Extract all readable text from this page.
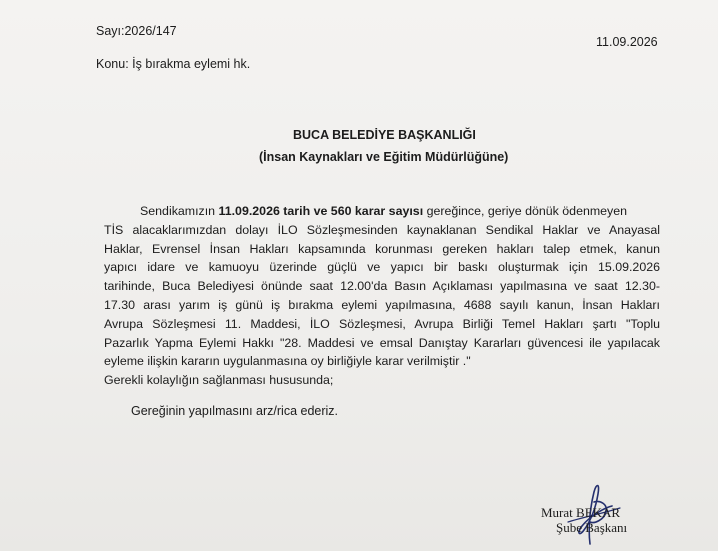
Sayı:2026/147
11.09.2026
Konu: İş bırakma eylemi hk.
BUCA BELEDİYE BAŞKANLIĞI
(İnsan Kaynakları ve Eğitim Müdürlüğüne)
Sendikamızın 11.09.2026 tarih ve 560 karar sayısı gereğince, geriye dönük ödenmeyen
TİS alacaklarımızdan dolayı İLO Sözleşmesinden kaynaklanan Sendikal Haklar ve Anayasal
Haklar, Evrensel İnsan Hakları kapsamında korunması gereken hakları talep etmek, kanun
yapıcı idare ve kamuoyu üzerinde güçlü ve yapıcı bir baskı oluşturmak için 15.09.2026
tarihinde, Buca Belediyesi önünde saat 12.00'da Basın Açıklaması yapılmasına ve saat 12.30-
17.30 arası yarım iş günü iş bırakma eylemi yapılmasına, 4688 sayılı kanun, İnsan Hakları
Avrupa Sözleşmesi 11. Maddesi, İLO Sözleşmesi, Avrupa Birliği Temel Hakları şartı "Toplu
Pazarlık Yapma Eylemi Hakkı "28. Maddesi ve emsal Danıştay Kararları güvencesi ile yapılacak
eyleme ilişkin kararın uygulanmasına oy birliğiyle karar verilmiştir ."
Gerekli kolaylığın sağlanması hususunda;
Gereğinin yapılmasını arz/rica ederiz.
Murat BEKAR
Şube Başkanı
